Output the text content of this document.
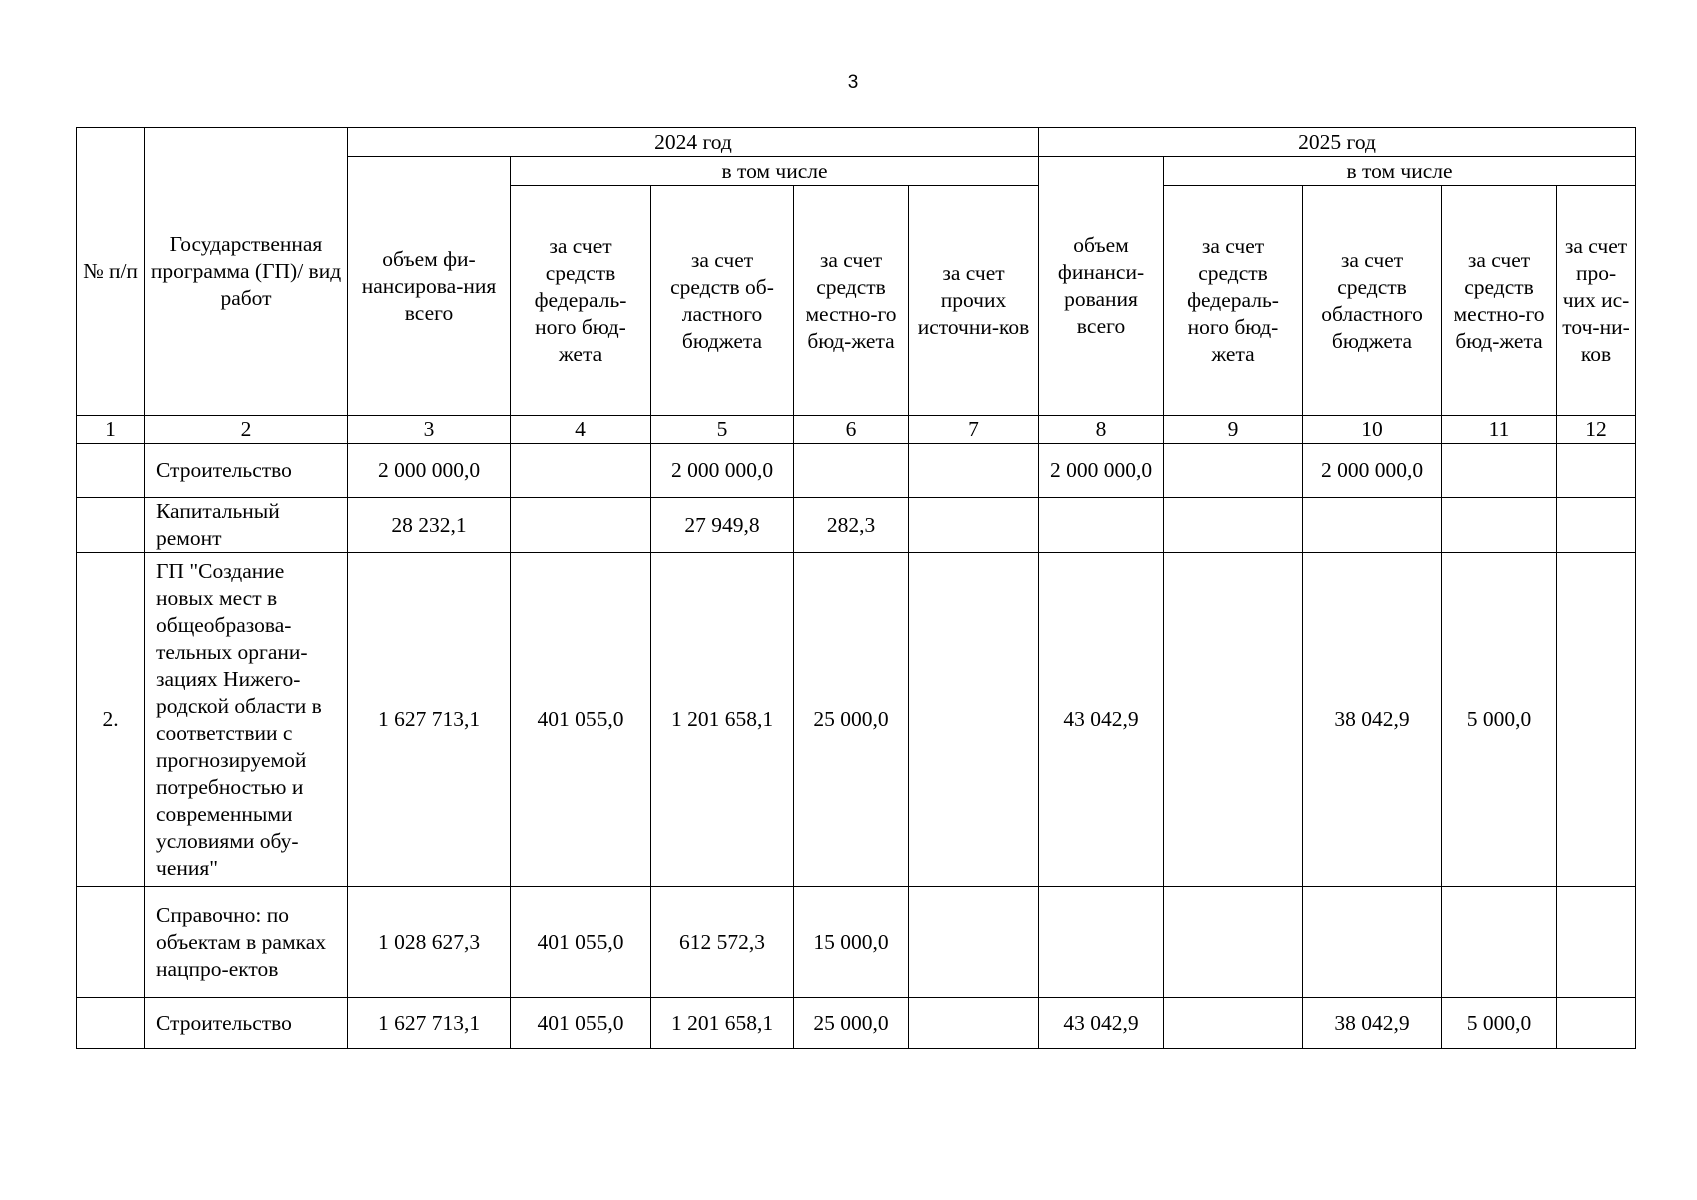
3
№ п/п	Государственная программа (ГП)/ вид работ	2024 год					2025 год				
		объем фи-нансирова-ния всего	в том числе				объем финанси-рования всего	в том числе			
			за счет средств федераль-ного бюд-жета	за счет средств об-ластного бюджета	за счет средств местно-го бюд-жета	за счет прочих источни-ков		за счет средств федераль-ного бюд-жета	за счет средств областного бюджета	за счет средств местно-го бюд-жета	за счет про-чих ис-точ-ни-ков
1	2	3	4	5	6	7	8	9	10	11	12
	Строительство	2 000 000,0		2 000 000,0			2 000 000,0		2 000 000,0		
	Капитальный ремонт	28 232,1		27 949,8	282,3						
2.	ГП "Создание новых мест в общеобразова-тельных органи-зациях Нижего-родской области в соответствии с прогнозируемой потребностью и современными условиями обу-чения"	1 627 713,1	401 055,0	1 201 658,1	25 000,0		43 042,9		38 042,9	5 000,0	
	Справочно: по объектам в рамках нацпро-ектов	1 028 627,3	401 055,0	612 572,3	15 000,0						
	Строительство	1 627 713,1	401 055,0	1 201 658,1	25 000,0		43 042,9		38 042,9	5 000,0	
